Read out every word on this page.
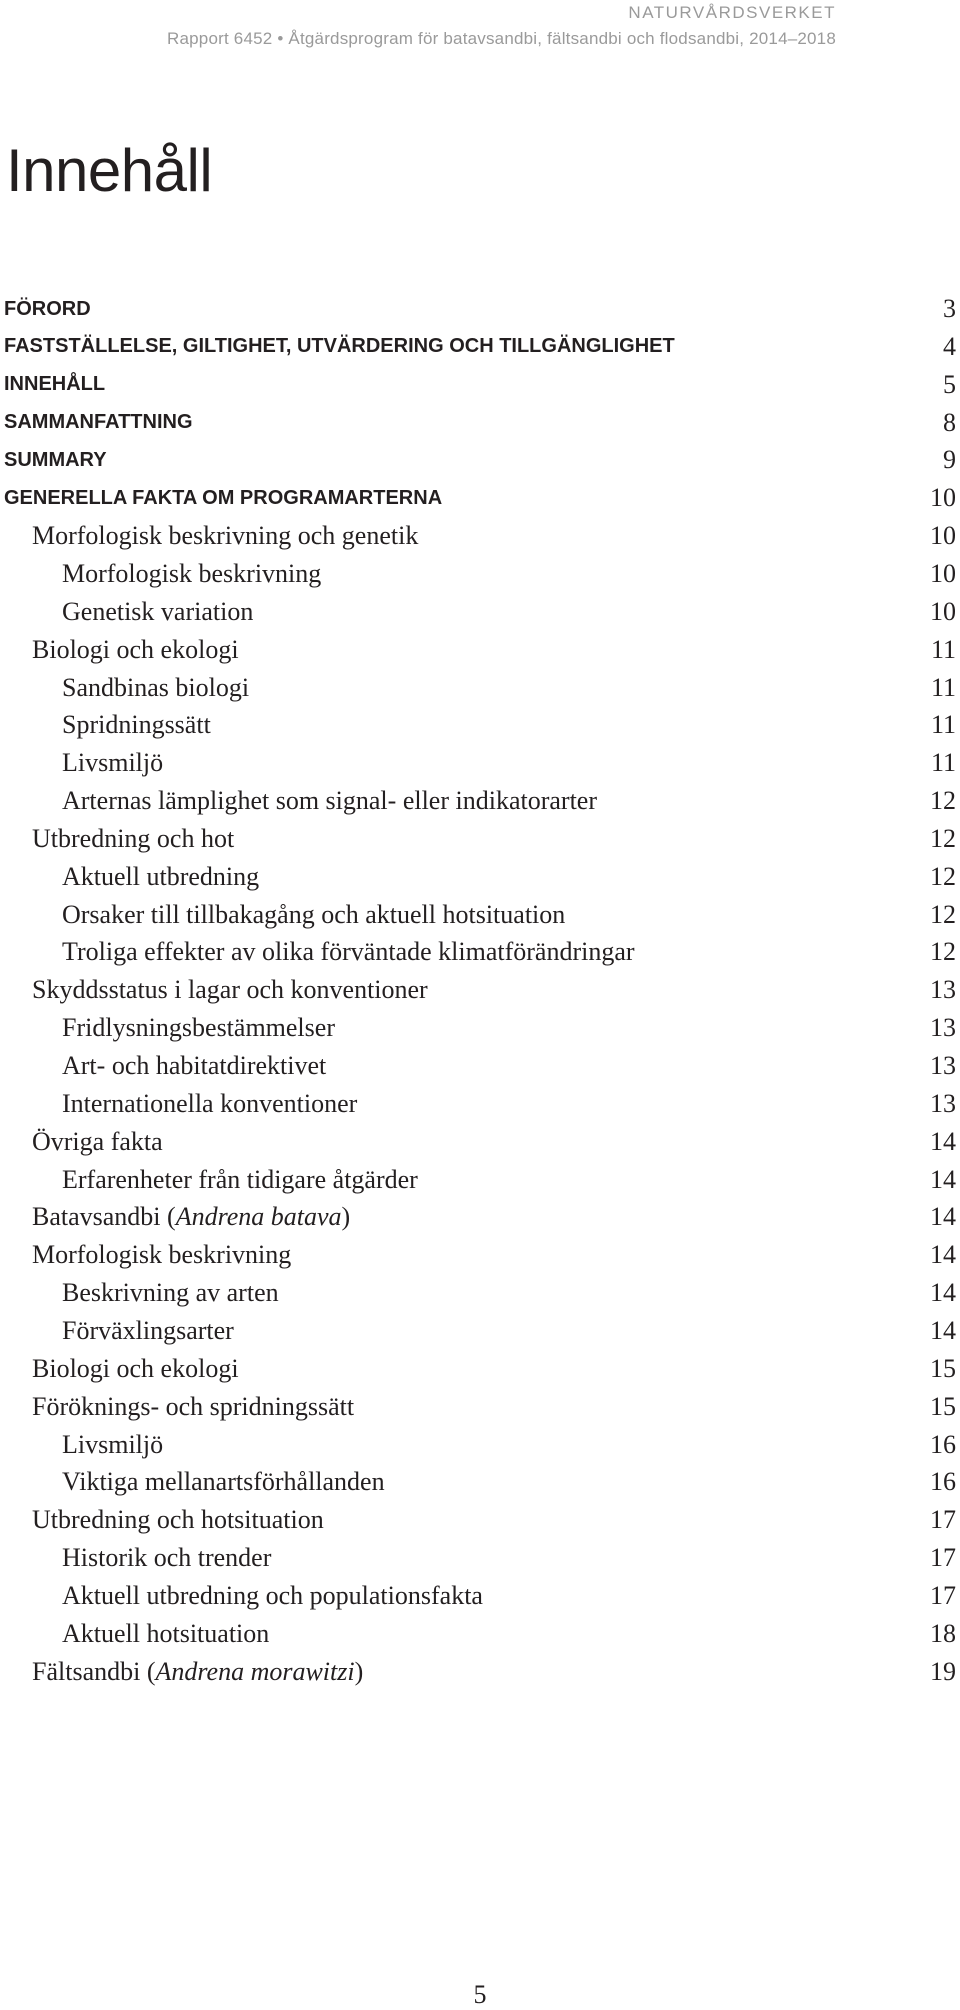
NATURVÅRDSVERKET
Rapport 6452 • Åtgärdsprogram för batavsandbi, fältsandbi och flodsandbi, 2014–2018
Innehåll
FÖRORD	3
FASTSTÄLLELSE, GILTIGHET, UTVÄRDERING OCH TILLGÄNGLIGHET	4
INNEHÅLL	5
SAMMANFATTNING	8
SUMMARY	9
GENERELLA FAKTA OM PROGRAMARTERNA	10
Morfologisk beskrivning och genetik	10
Morfologisk beskrivning	10
Genetisk variation	10
Biologi och ekologi	11
Sandbinas biologi	11
Spridningssätt	11
Livsmiljö	11
Arternas lämplighet som signal- eller indikatorarter	12
Utbredning och hot	12
Aktuell utbredning	12
Orsaker till tillbakagång och aktuell hotsituation	12
Troliga effekter av olika förväntade klimatförändringar	12
Skyddsstatus i lagar och konventioner	13
Fridlysningsbestämmelser	13
Art- och habitatdirektivet	13
Internationella konventioner	13
Övriga fakta	14
Erfarenheter från tidigare åtgärder	14
Batavsandbi (Andrena batava)	14
Morfologisk beskrivning	14
Beskrivning av arten	14
Förväxlingsarter	14
Biologi och ekologi	15
Föröknings- och spridningssätt	15
Livsmiljö	16
Viktiga mellanartsförhållanden	16
Utbredning och hotsituation	17
Historik och trender	17
Aktuell utbredning och populationsfakta	17
Aktuell hotsituation	18
Fältsandbi (Andrena morawitzi)	19
5
